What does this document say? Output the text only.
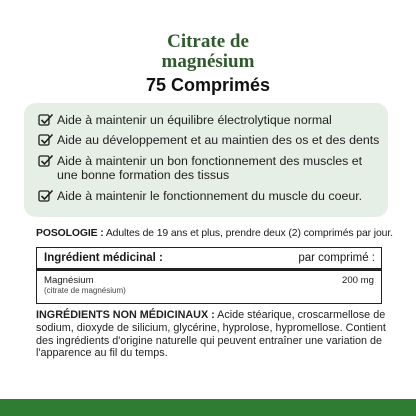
Citrate de
magnésium
75 Comprimés
Aide à maintenir un équilibre électrolytique normal
Aide au développement et au maintien des os et des dents
Aide à maintenir un bon fonctionnement des muscles et une bonne formation des tissus
Aide à maintenir le fonctionnement du muscle du coeur.
POSOLOGIE : Adultes de 19 ans et plus, prendre deux (2) comprimés par jour.
Ingrédient médicinal :	par comprimé :
Magnésium
(citrate de magnésium)
200 mg
INGRÉDIENTS NON MÉDICINAUX : Acide stéarique, croscarmellose de sodium, dioxyde de silicium, glycérine, hyprolose, hypromellose. Contient des ingrédients d'origine naturelle qui peuvent entraîner une variation de l'apparence au fil du temps.
